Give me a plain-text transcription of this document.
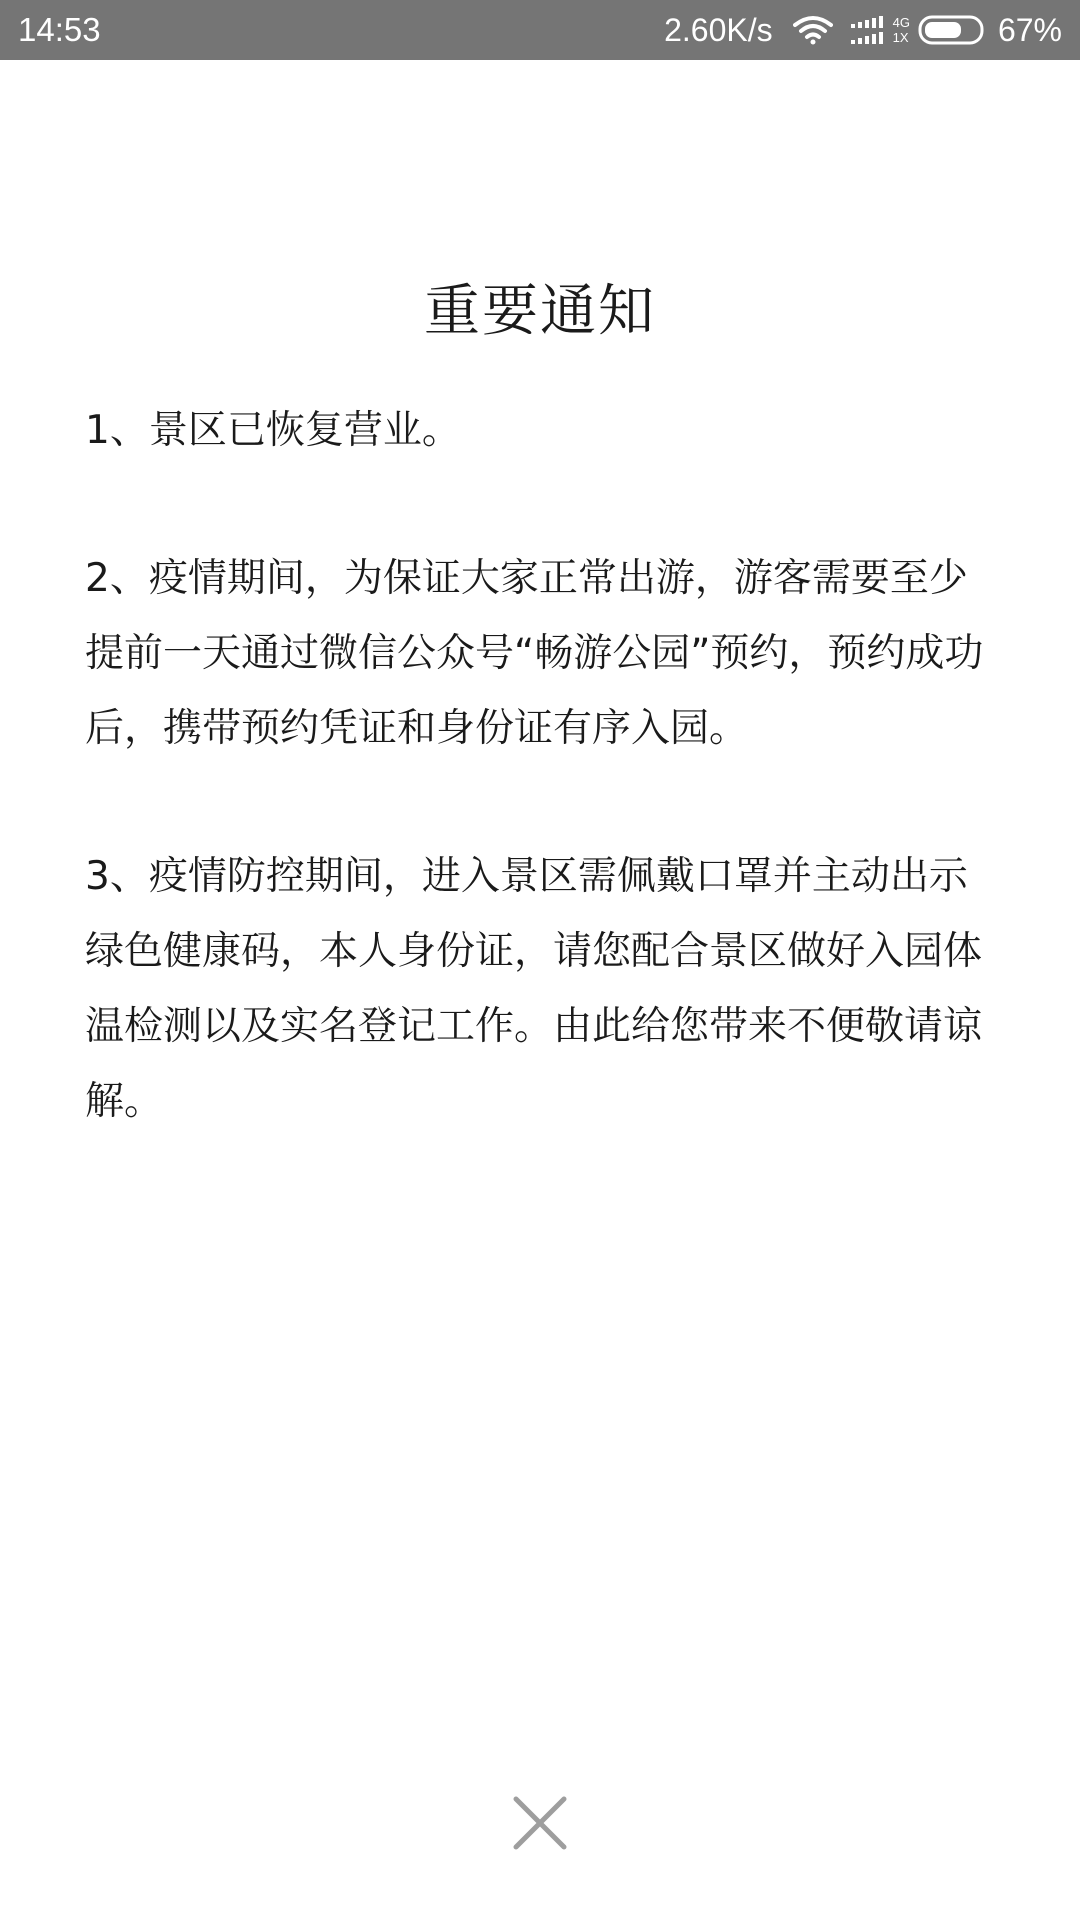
14:53	2.60K/s	4G
1X	67%
重要通知

1、景区已恢复营业。

2、疫情期间，为保证大家正常出游，游客需要至少提前一天通过微信公众号“畅游公园”预约，预约成功后，携带预约凭证和身份证有序入园。

3、疫情防控期间，进入景区需佩戴口罩并主动出示绿色健康码，本人身份证，请您配合景区做好入园体温检测以及实名登记工作。由此给您带来不便敬请谅解。
